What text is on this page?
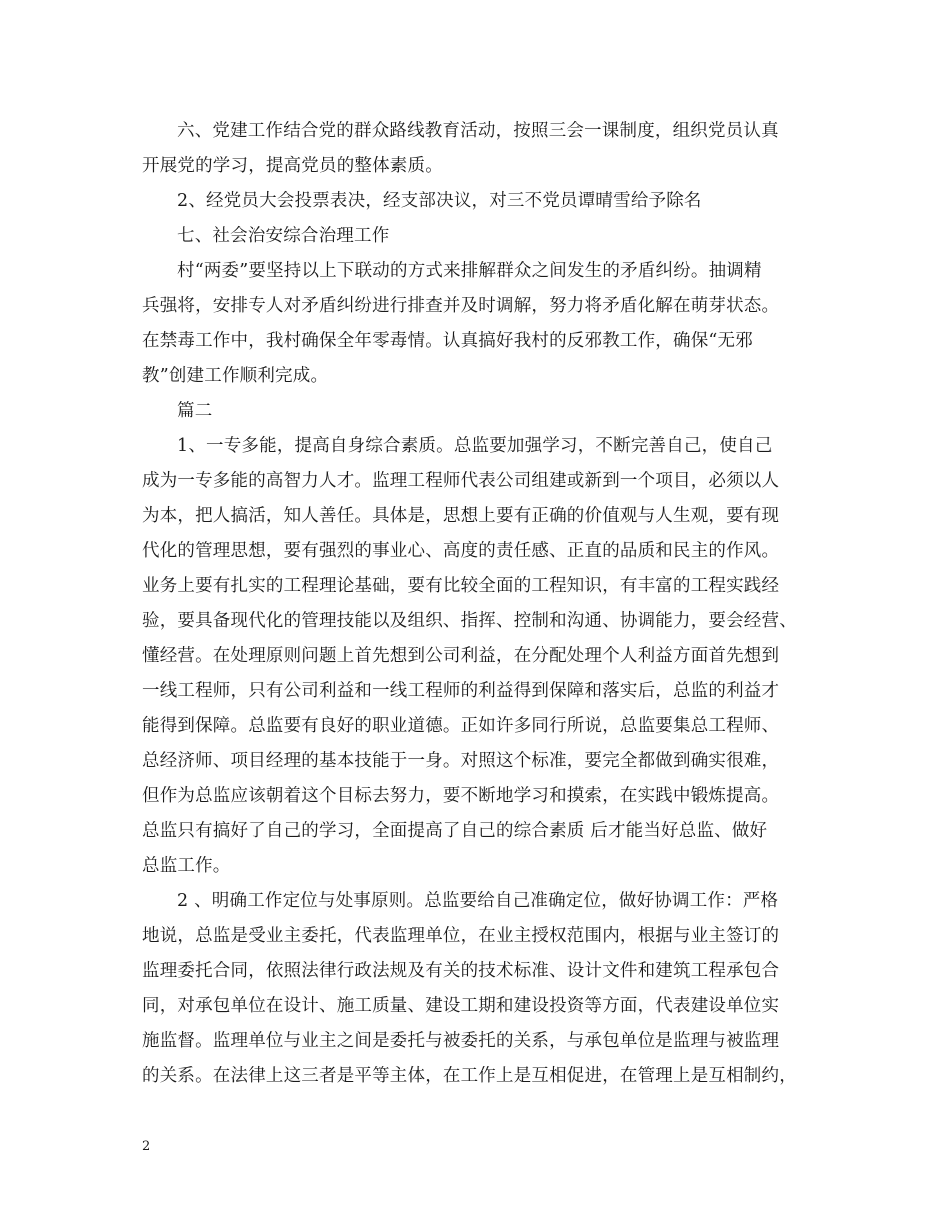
六、党建工作结合党的群众路线教育活动，按照三会一课制度，组织党员认真
开展党的学习，提高党员的整体素质。
2、经党员大会投票表决，经支部决议，对三不党员谭晴雪给予除名
七、社会治安综合治理工作
村“两委”要坚持以上下联动的方式来排解群众之间发生的矛盾纠纷。抽调精
兵强将，安排专人对矛盾纠纷进行排查并及时调解，努力将矛盾化解在萌芽状态。
在禁毒工作中，我村确保全年零毒情。认真搞好我村的反邪教工作，确保“无邪
教”创建工作顺利完成。
篇二
1、一专多能，提高自身综合素质。总监要加强学习，不断完善自己，使自己
成为一专多能的高智力人才。监理工程师代表公司组建或新到一个项目，必须以人
为本，把人搞活，知人善任。具体是，思想上要有正确的价值观与人生观，要有现
代化的管理思想，要有强烈的事业心、高度的责任感、正直的品质和民主的作风。
业务上要有扎实的工程理论基础，要有比较全面的工程知识，有丰富的工程实践经
验，要具备现代化的管理技能以及组织、指挥、控制和沟通、协调能力，要会经营、
懂经营。在处理原则问题上首先想到公司利益，在分配处理个人利益方面首先想到
一线工程师，只有公司利益和一线工程师的利益得到保障和落实后，总监的利益才
能得到保障。总监要有良好的职业道德。正如许多同行所说，总监要集总工程师、
总经济师、项目经理的基本技能于一身。对照这个标准，要完全都做到确实很难，
但作为总监应该朝着这个目标去努力，要不断地学习和摸索，在实践中锻炼提高。
总监只有搞好了自己的学习，全面提高了自己的综合素质 后才能当好总监、做好
总监工作。
2 、明确工作定位与处事原则。总监要给自己准确定位，做好协调工作：严格
地说，总监是受业主委托，代表监理单位，在业主授权范围内，根据与业主签订的
监理委托合同，依照法律行政法规及有关的技术标准、设计文件和建筑工程承包合
同，对承包单位在设计、施工质量、建设工期和建设投资等方面，代表建设单位实
施监督。监理单位与业主之间是委托与被委托的关系，与承包单位是监理与被监理
的关系。在法律上这三者是平等主体，在工作上是互相促进，在管理上是互相制约，
2
